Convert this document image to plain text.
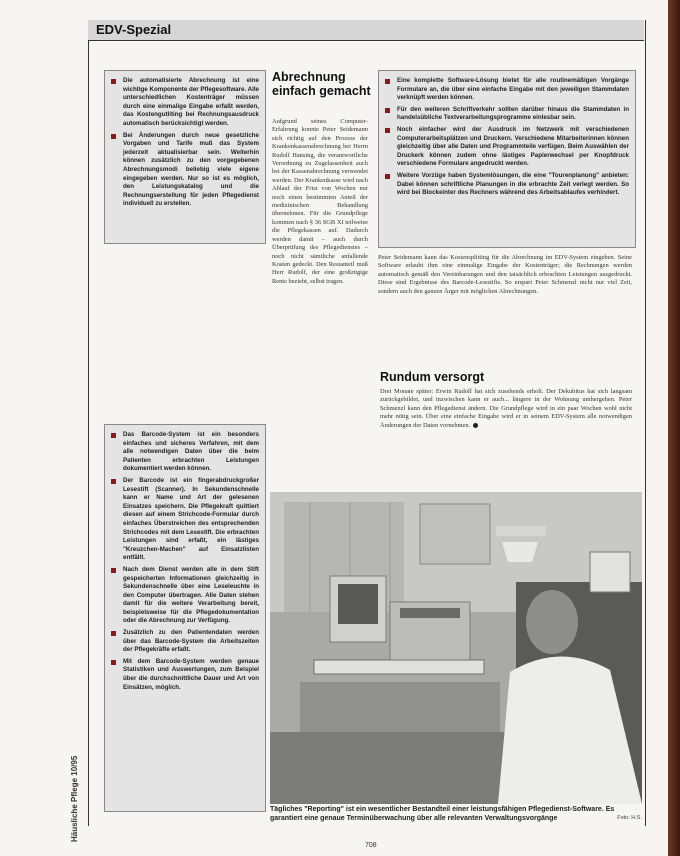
EDV-Spezial
Die automatisierte Abrechnung ist eine wichtige Komponente der Pflegesoftware. Alle unterschiedlichen Kostenträger müssen durch eine einmalige Eingabe erfaßt werden, das Kostengutliting bei Rechnungsausdruck automatisch berücksichtigt werden.
Bei Änderungen durch neue gesetzliche Vorgaben und Tarife muß das System jederzeit aktualisierbar sein. Weiterhin können zusätzlich zu den vorgegebenen Abrechnungsmodi beliebig viele eigene eingegeben werden. Nur so ist es möglich, den Leistungskatalog und die Rechnungserstellung für jeden Pflegedienst individuell zu erstellen.
Abrechnung einfach gemacht

Aufgrund seines Computer-Erfahrung konnte Peter Seidemann sich richtig auf den Prozess der Krankenkassenabrechnung bei Herrn Rudolf Hansing, die verantwortliche Verordnung zu Zugelassenheit auch bei der Kassenabrechnung verwendet werden. Der Krankenkasse wird nach Ablauf der Frist von Wochen nur noch einen bestimmten Anteil der medizinischen Behandlung übernehmen. Für die Grundpflege kommen nach § 36 SGB XI teilweise die Pflegekassen auf. Dadurch werden damit – auch durch Überprüfung des Pflegedienstes – noch nicht sämtliche anfallende Kosten gedeckt. Den Restanteil muß Herr Rudolf, der eine großzügige Rente bezieht, selbst tragen.

Eine komplette Software-Lösung bietet für alle routinemäßigen Vorgänge Formulare an, die über eine einfache Eingabe mit den jeweiligen Stammdaten verknüpft werden können.
Für den weiteren Schriftverkehr sollten darüber hinaus die Stammdaten in handelsübliche Textverarbeitungsprogramme einlesbar sein.
Noch einfacher wird der Ausdruck im Netzwerk mit verschiedenen Computerarbeitsplätzen und Druckern. Verschiedene Mitarbeiterinnen können gleichzeitig über alle Daten und Programmteile verfügen. Beim Auswählen der Druckerk können zudem ohne lästiges Papierwechsel per Knopfdruck verschiedene Formulare angedruckt werden.
Weitere Vorzüge haben Systemlösungen, die eine "Tourenplanung" anbieten: Dabei können schriftliche Planungen in die erbrachte Zeit verlegt werden. So wird bei Blockeinter des Rechners während des Arbeitsablaufes verhindert.

Peter Seidemann kann das Kostensplitting für die Abrechnung im EDV-System eingeben. Seine Software erlaubt ihm eine einmalige Eingabe der Kostenträger; die Rechnungen werden automatisch gemäß den Vereinbarungen und den tatsächlich erbrachten Leistungen ausgedruckt. Diese sind Ergebnisse des Barcode-Lesestifts. So erspart Peter Schmenzl nicht nur viel Zeit, sondern auch den ganzen Ärger mit möglichen Abrechnungen.

Das Barcode-System ist ein besonders einfaches und sicheres Verfahren, mit dem alle notwendigen Daten über die beim Patienten erbrachten Leistungen dokumentiert werden können.
Der Barcode ist ein fingerabdruckgroßer Lesestift (Scanner). In Sekundenschnelle kann er Name und Art der gelesenen Einsatzes speichern. Die Pflegekraft quittiert diesen auf einem Strichcode-Formular durch einfaches Überstreichen des entsprechenden Strichcodes mit dem Lesestift. Die erbrachten Leistungen sind erfaßt, ein lästiges "Kreuzchen-Machen" auf Einsatzlisten entfällt.
Nach dem Dienst werden alle in dem Stift gespeicherten Informationen gleichzeitig in Sekundenschnelle über eine Leseleuchte in den Computer übertragen. Alle Daten stehen damit für die weitere Verarbeitung bereit, beispielsweise für die Pflegedokumentation oder die Abrechnung zur Verfügung.
Zusätzlich zu den Patientendaten werden über das Barcode-System die Arbeitszeiten der Pflegekräfte erfaßt.
Mit dem Barcode-System werden genaue Statistiken und Auswertungen, zum Beispiel über die durchschnittliche Dauer und Art von Einsätzen, möglich.
Rundum versorgt

Drei Monate später: Erwin Rudolf hat sich zusehends erholt. Der Dekubitus hat sich langsam zurückgebildet, und inzwischen kann er auch... längere in der Wohnung umhergehen. Peter Schmenzl kann den Pflegedienst ändern. Die Grundpflege wird in ein paar Wochen wohl nicht mehr nötig sein. Über eine einfache Eingabe wird er in seinem EDV-System alle notwendigen Änderungen der Daten vornehmen.

Tägliches "Reporting" ist ein wesentlicher Bestandteil einer leistungsfähigen Pflegedienst-Software. Es garantiert eine genaue Terminüberwachung über alle relevanten Verwaltungsvorgänge	Foto: H.S.

Häusliche Pflege 10/95
708
